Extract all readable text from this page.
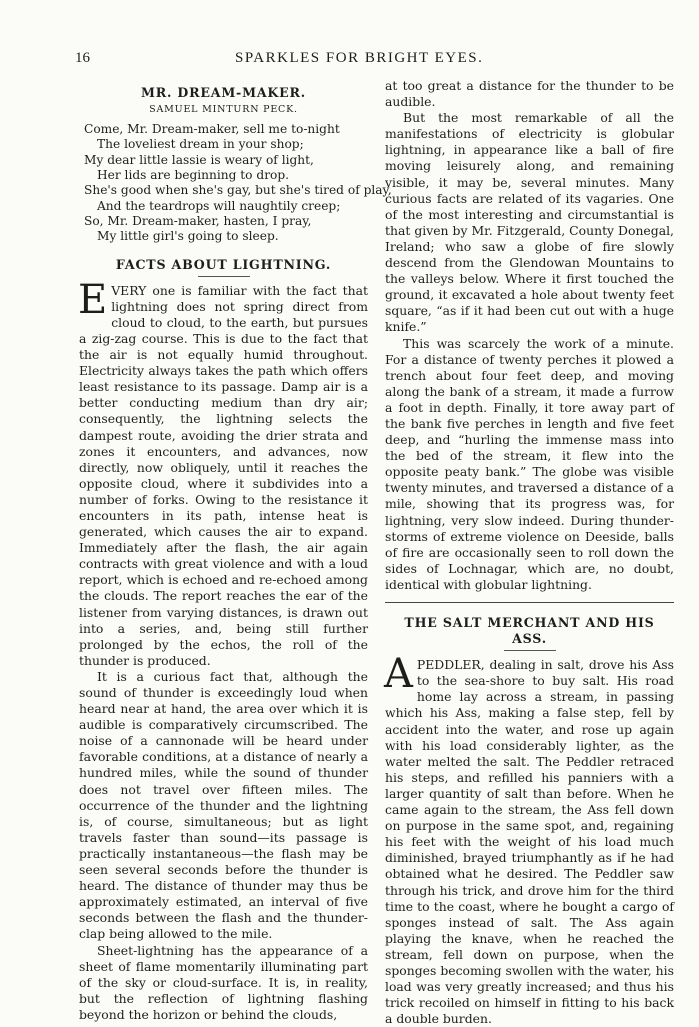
16	SPARKLES FOR BRIGHT EYES.
MR. DREAM-MAKER.
SAMUEL MINTURN PECK.
Come, Mr. Dream-maker, sell me to-night
The loveliest dream in your shop;
My dear little lassie is weary of light,
Her lids are beginning to drop.
She's good when she's gay, but she's tired of play,
And the teardrops will naughtily creep;
So, Mr. Dream-maker, hasten, I pray,
My little girl's going to sleep.
FACTS ABOUT LIGHTNING.

EVERY one is familiar with the fact that lightning does not spring direct from cloud to cloud, to the earth, but pursues a zig-zag course. This is due to the fact that the air is not equally humid throughout. Electricity always takes the path which offers least resistance to its passage. Damp air is a better conducting medium than dry air; consequently, the lightning selects the dampest route, avoiding the drier strata and zones it encounters, and advances, now directly, now obliquely, until it reaches the opposite cloud, where it subdivides into a number of forks. Owing to the resistance it encounters in its path, intense heat is generated, which causes the air to expand. Immediately after the flash, the air again contracts with great violence and with a loud report, which is echoed and re-echoed among the clouds. The report reaches the ear of the listener from varying distances, is drawn out into a series, and, being still further prolonged by the echos, the roll of the thunder is produced.

It is a curious fact that, although the sound of thunder is exceedingly loud when heard near at hand, the area over which it is audible is comparatively circumscribed. The noise of a cannonade will be heard under favorable conditions, at a distance of nearly a hundred miles, while the sound of thunder does not travel over fifteen miles. The occurrence of the thunder and the lightning is, of course, simultaneous; but as light travels faster than sound—its passage is practically instantaneous—the flash may be seen several seconds before the thunder is heard. The distance of thunder may thus be approximately estimated, an interval of five seconds between the flash and the thunder-clap being allowed to the mile.

Sheet-lightning has the appearance of a sheet of flame momentarily illuminating part of the sky or cloud-surface. It is, in reality, but the reflection of lightning flashing beyond the horizon or behind the clouds,

at too great a distance for the thunder to be audible.

But the most remarkable of all the manifestations of electricity is globular lightning, in appearance like a ball of fire moving leisurely along, and remaining visible, it may be, several minutes. Many curious facts are related of its vagaries. One of the most interesting and circumstantial is that given by Mr. Fitzgerald, County Donegal, Ireland; who saw a globe of fire slowly descend from the Glendowan Mountains to the valleys below. Where it first touched the ground, it excavated a hole about twenty feet square, “as if it had been cut out with a huge knife.”

This was scarcely the work of a minute. For a distance of twenty perches it plowed a trench about four feet deep, and moving along the bank of a stream, it made a furrow a foot in depth. Finally, it tore away part of the bank five perches in length and five feet deep, and “hurling the immense mass into the bed of the stream, it flew into the opposite peaty bank.” The globe was visible twenty minutes, and traversed a distance of a mile, showing that its progress was, for lightning, very slow indeed. During thunder-storms of extreme violence on Deeside, balls of fire are occasionally seen to roll down the sides of Lochnagar, which are, no doubt, identical with globular lightning.

THE SALT MERCHANT AND HIS ASS.

APEDDLER, dealing in salt, drove his Ass to the sea-shore to buy salt. His road home lay across a stream, in passing which his Ass, making a false step, fell by accident into the water, and rose up again with his load considerably lighter, as the water melted the salt. The Peddler retraced his steps, and refilled his panniers with a larger quantity of salt than before. When he came again to the stream, the Ass fell down on purpose in the same spot, and, regaining his feet with the weight of his load much diminished, brayed triumphantly as if he had obtained what he desired. The Peddler saw through his trick, and drove him for the third time to the coast, where he bought a cargo of sponges instead of salt. The Ass again playing the knave, when he reached the stream, fell down on purpose, when the sponges becoming swollen with the water, his load was very greatly increased; and thus his trick recoiled on himself in fitting to his back a double burden.
